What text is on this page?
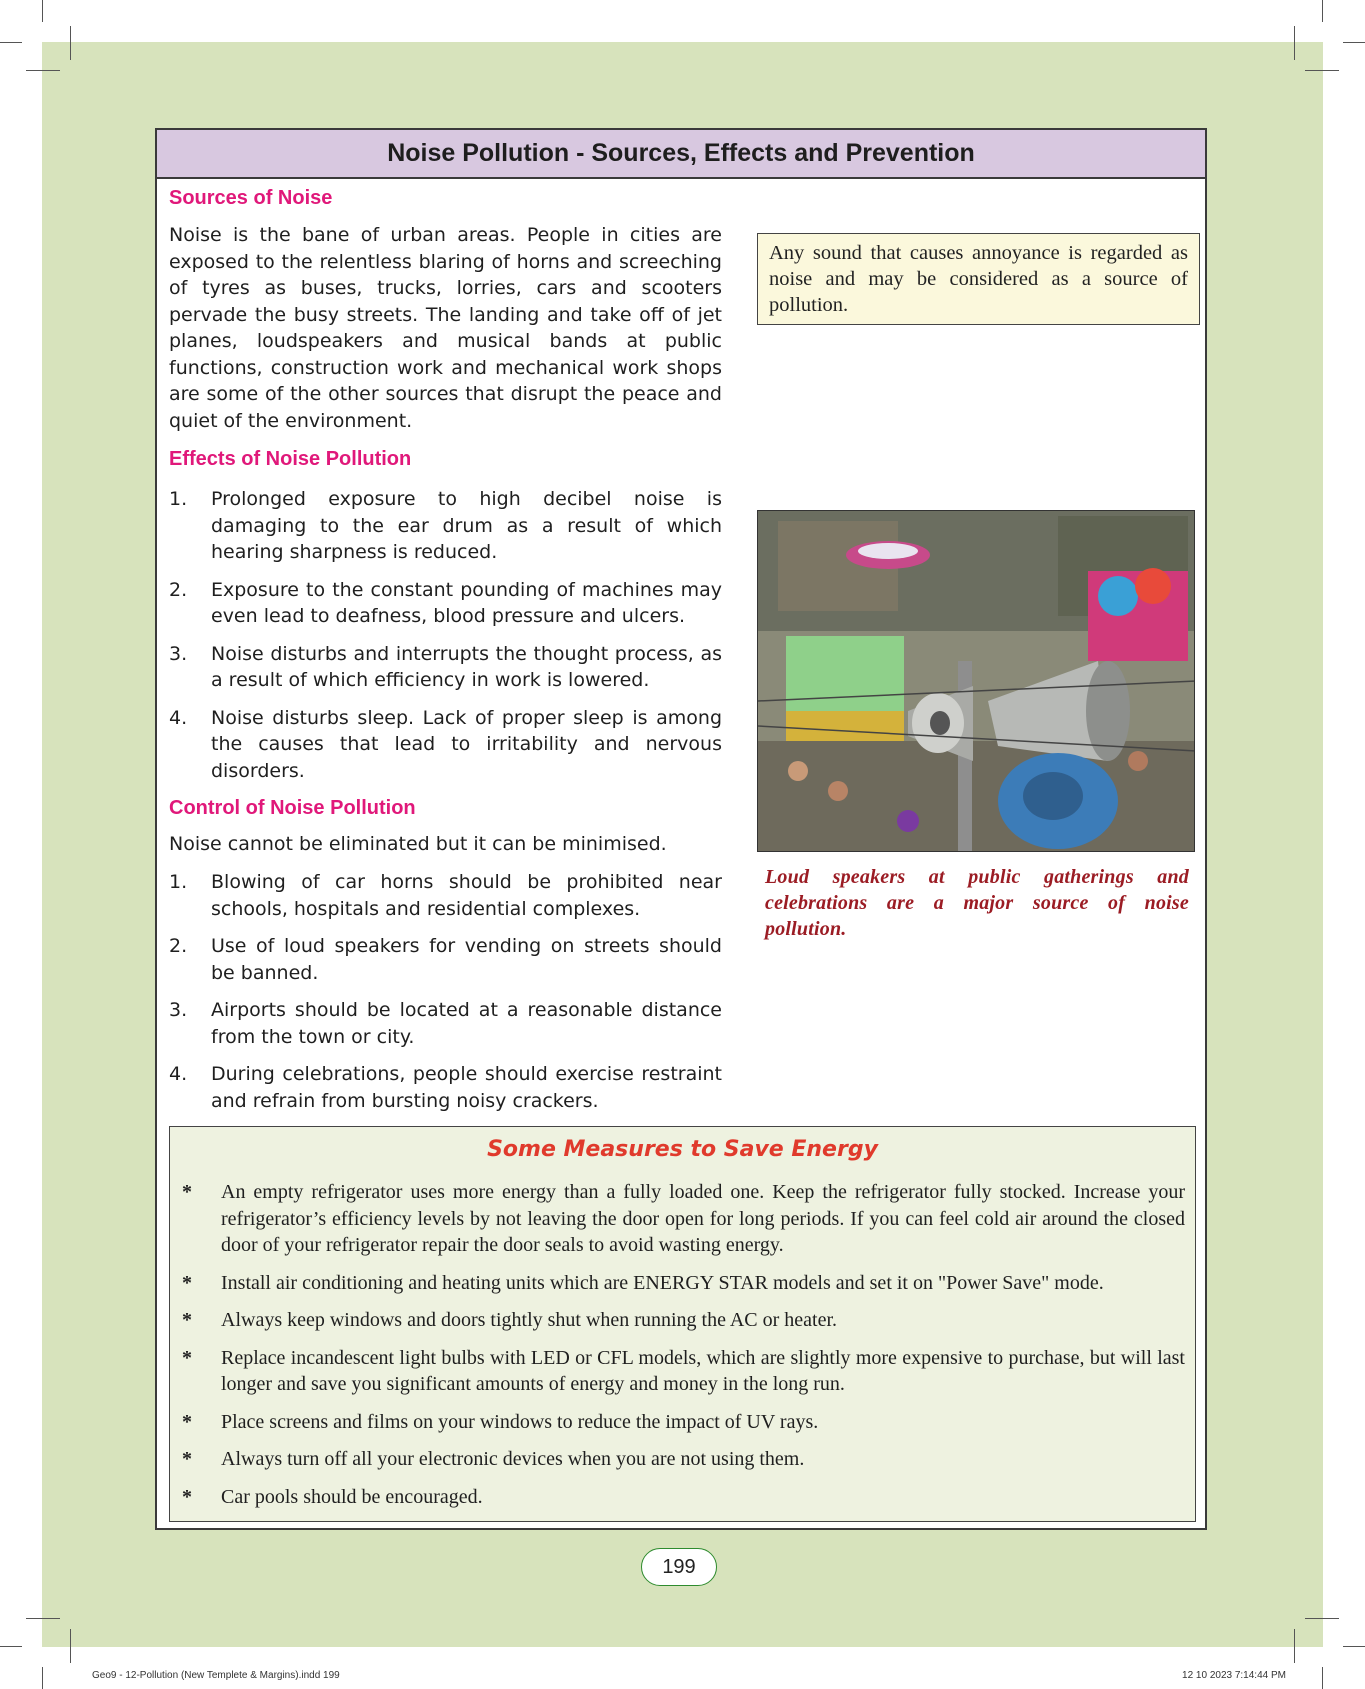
Noise Pollution - Sources, Effects and Prevention
Sources of Noise

Noise is the bane of urban areas. People in cities are exposed to the relentless blaring of horns and screeching of tyres as buses, trucks, lorries, cars and scooters pervade the busy streets. The landing and take off of jet planes, loudspeakers and musical bands at public functions, construction work and mechanical work shops are some of the other sources that disrupt the peace and quiet of the environment.

Any sound that causes annoyance is regarded as noise and may be considered as a source of pollution.
Effects of Noise Pollution
1. Prolonged exposure to high decibel noise is damaging to the ear drum as a result of which hearing sharpness is reduced.
2. Exposure to the constant pounding of machines may even lead to deafness, blood pressure and ulcers.
3. Noise disturbs and interrupts the thought process, as a result of which efficiency in work is lowered.
4. Noise disturbs sleep. Lack of proper sleep is among the causes that lead to irritability and nervous disorders.
Loud speakers at public gatherings and celebrations are a major source of noise pollution.
Control of Noise Pollution

Noise cannot be eliminated but it can be minimised.

1. Blowing of car horns should be prohibited near schools, hospitals and residential complexes.
2. Use of loud speakers for vending on streets should be banned.
3. Airports should be located at a reasonable distance from the town or city.
4. During celebrations, people should exercise restraint and refrain from bursting noisy crackers.
Some Measures to Save Energy
* An empty refrigerator uses more energy than a fully loaded one. Keep the refrigerator fully stocked. Increase your refrigerator’s efficiency levels by not leaving the door open for long periods. If you can feel cold air around the closed door of your refrigerator repair the door seals to avoid wasting energy.
* Install air conditioning and heating units which are ENERGY STAR models and set it on "Power Save" mode.
* Always keep windows and doors tightly shut when running the AC or heater.
* Replace incandescent light bulbs with LED or CFL models, which are slightly more expensive to purchase, but will last longer and save you significant amounts of energy and money in the long run.
* Place screens and films on your windows to reduce the impact of UV rays.
* Always turn off all your electronic devices when you are not using them.
* Car pools should be encouraged.
199
Geo9 - 12-Pollution (New Templete & Margins).indd 199	12 10 2023 7:14:44 PM
